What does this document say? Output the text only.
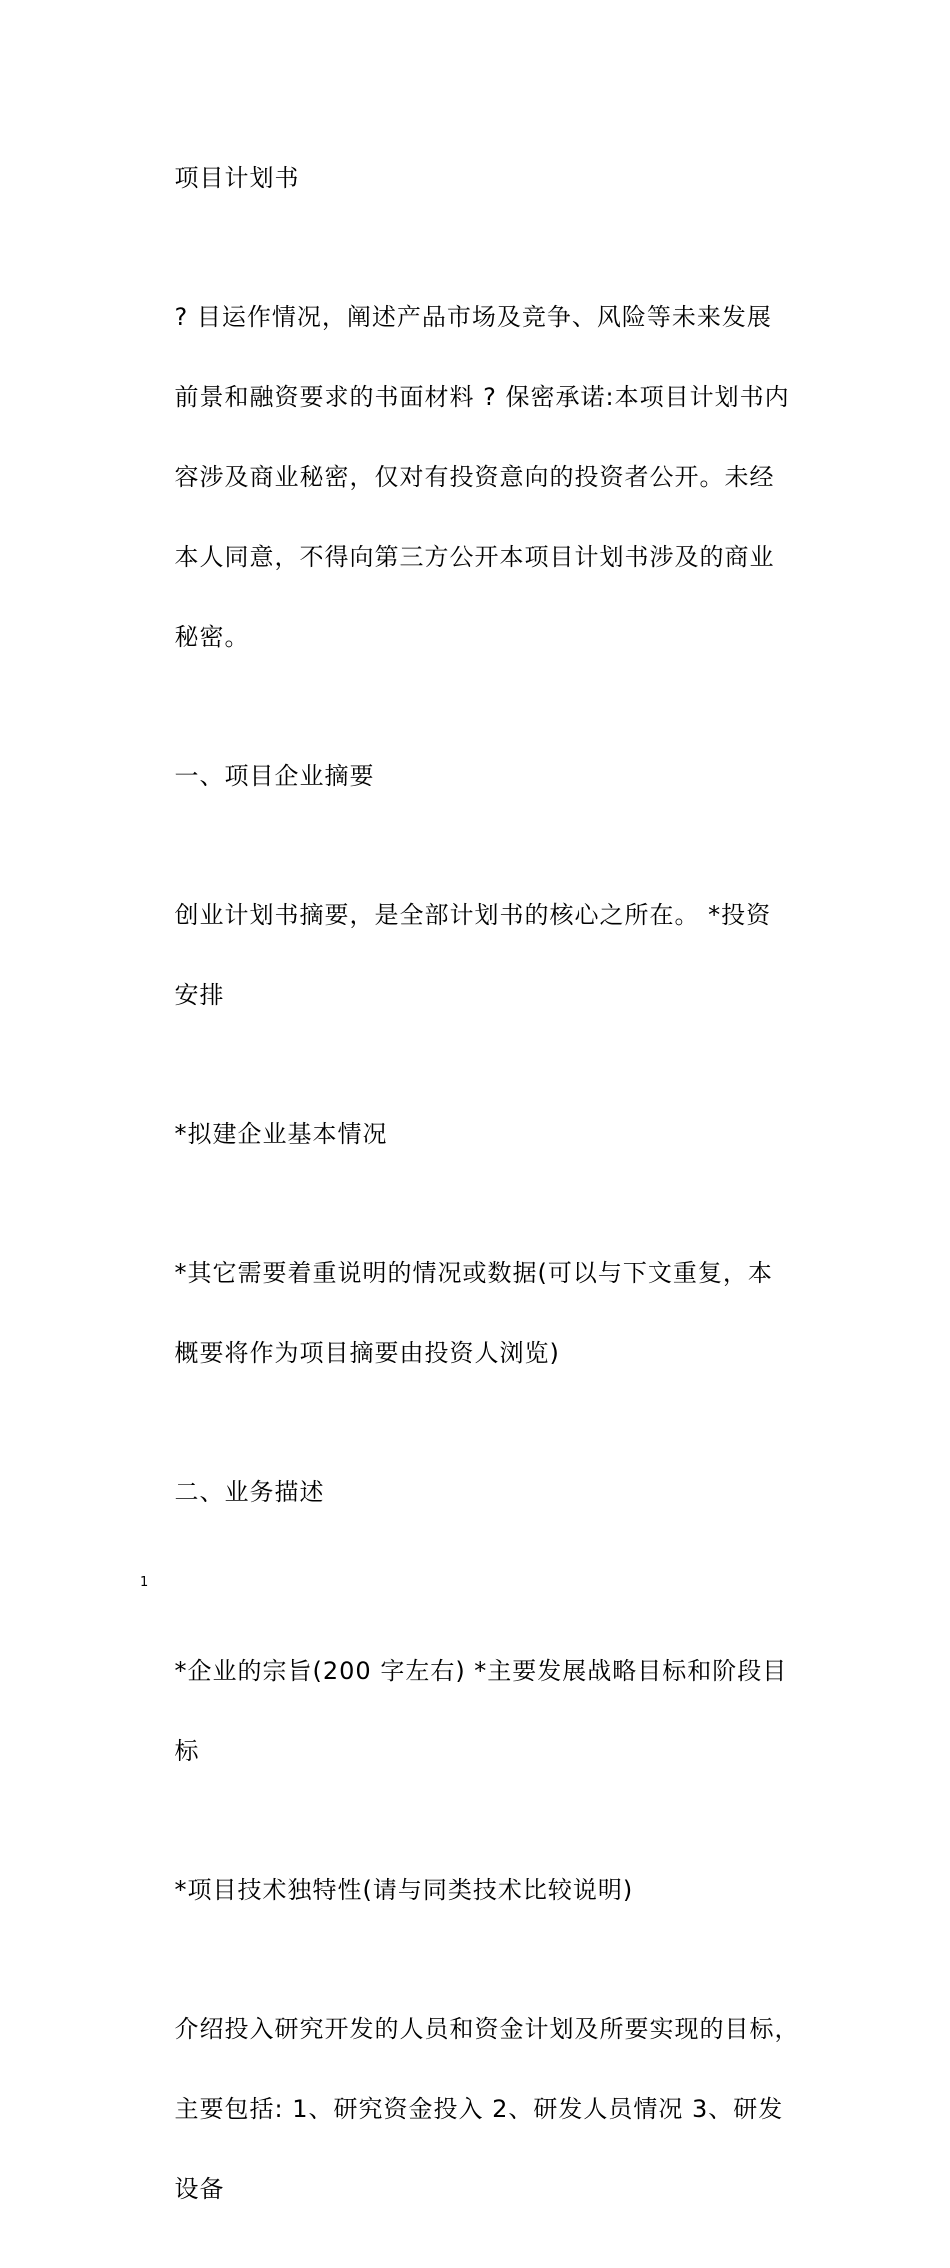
项目计划书

? 目运作情况，阐述产品市场及竞争、风险等未来发展

前景和融资要求的书面材料 ? 保密承诺:本项目计划书内

容涉及商业秘密，仅对有投资意向的投资者公开。未经

本人同意，不得向第三方公开本项目计划书涉及的商业

秘密。

一、项目企业摘要

创业计划书摘要，是全部计划书的核心之所在。 *投资

安排

*拟建企业基本情况

*其它需要着重说明的情况或数据(可以与下文重复，本

概要将作为项目摘要由投资人浏览)

二、业务描述

1

*企业的宗旨(200 字左右) *主要发展战略目标和阶段目

标

*项目技术独特性(请与同类技术比较说明)

介绍投入研究开发的人员和资金计划及所要实现的目标，

主要包括: 1、研究资金投入 2、研发人员情况 3、研发

设备
